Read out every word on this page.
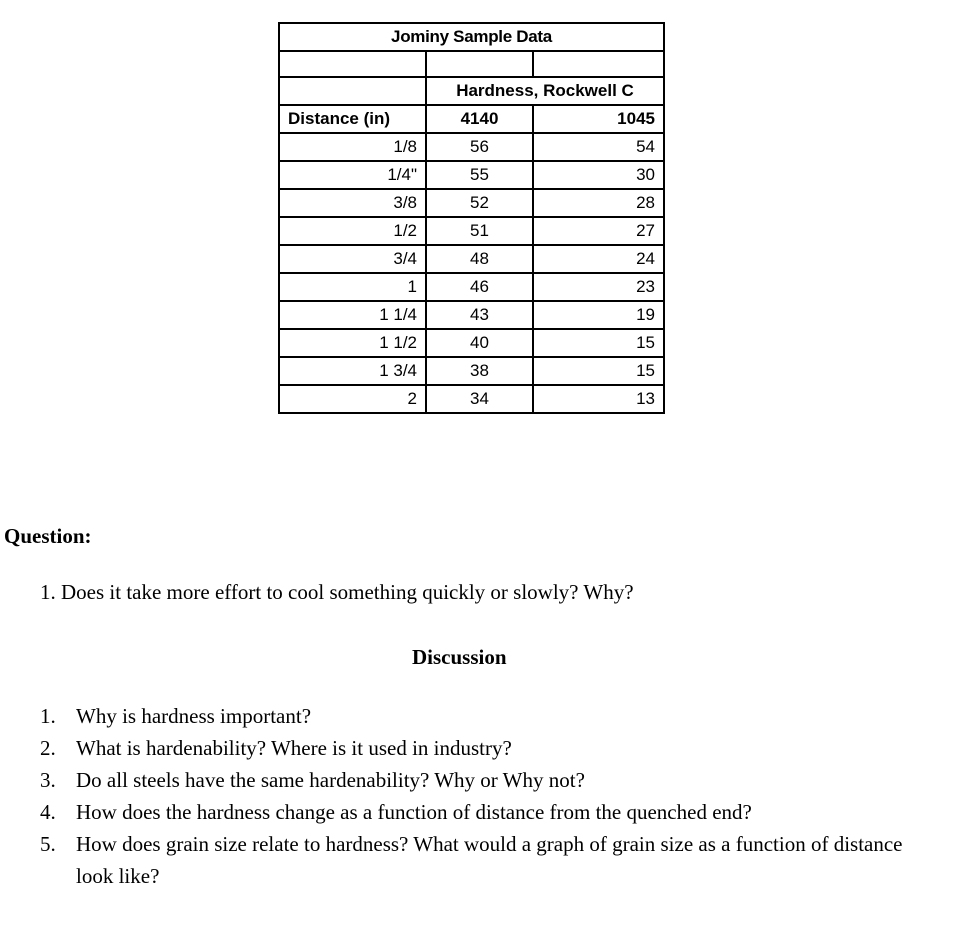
Jominy Sample Data		

	Hardness, Rockwell C	
Distance (in)	4140	1045
1/8	56	54
1/4"	55	30
3/8	52	28
1/2	51	27
3/4	48	24
1	46	23
1 1/4	43	19
1 1/2	40	15
1 3/4	38	15
2	34	13
Question:
1. Does it take more effort to cool something quickly or slowly? Why?
Discussion
1. Why is hardness important?
2. What is hardenability? Where is it used in industry?
3. Do all steels have the same hardenability? Why or Why not?
4. How does the hardness change as a function of distance from the quenched end?
5. How does grain size relate to hardness? What would a graph of grain size as a function of distance look like?
